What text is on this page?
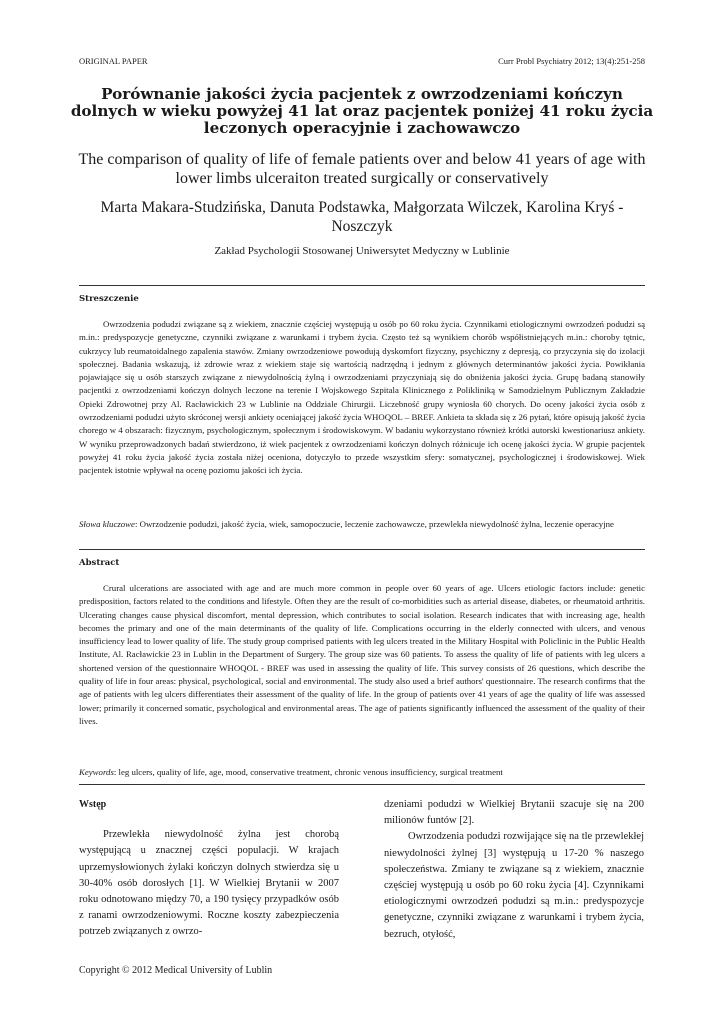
ORIGINAL PAPER	Curr Probl Psychiatry 2012; 13(4):251-258
Porównanie jakości życia pacjentek z owrzodzeniami kończyn dolnych w wieku powyżej 41 lat oraz pacjentek poniżej 41 roku życia leczonych operacyjnie i zachowawczo
The comparison of quality of life of female patients over and below 41 years of age with lower limbs ulceraiton treated surgically or conservatively
Marta Makara-Studzińska, Danuta Podstawka, Małgorzata Wilczek, Karolina Kryś - Noszczyk
Zakład Psychologii Stosowanej Uniwersytet Medyczny w Lublinie
Streszczenie

Owrzodzenia podudzi związane są z wiekiem, znacznie częściej występują u osób po 60 roku życia. Czynnikami etiologicznymi owrzodzeń podudzi są m.in.: predyspozycje genetyczne, czynniki związane z warunkami i trybem życia. Często też są wynikiem chorób współistniejących m.in.: choroby tętnic, cukrzycy lub reumatoidalnego zapalenia stawów. Zmiany owrzodzeniowe powodują dyskomfort fizyczny, psychiczny z depresją, co przyczynia się do izolacji społecznej. Badania wskazują, iż zdrowie wraz z wiekiem staje się wartością nadrzędną i jednym z głównych determinantów jakości życia. Powikłania pojawiające się u osób starszych związane z niewydolnością żylną i owrzodzeniami przyczyniają się do obniżenia jakości życia. Grupę badaną stanowiły pacjentki z owrzodzeniami kończyn dolnych leczone na terenie I Wojskowego Szpitala Klinicznego z Polikliniką w Samodzielnym Publicznym Zakładzie Opieki Zdrowotnej przy Al. Racławickich 23 w Lublinie na Oddziale Chirurgii. Liczebność grupy wyniosła 60 chorych. Do oceny jakości życia osób z owrzodzeniami podudzi użyto skróconej wersji ankiety oceniającej jakość życia WHOQOL – BREF. Ankieta ta składa się z 26 pytań, które opisują jakość życia chorego w 4 obszarach: fizycznym, psychologicznym, społecznym i środowiskowym. W badaniu wykorzystano również krótki autorski kwestionariusz ankiety. W wyniku przeprowadzonych badań stwierdzono, iż wiek pacjentek z owrzodzeniami kończyn dolnych różnicuje ich ocenę jakości życia. W grupie pacjentek powyżej 41 roku życia jakość życia została niżej oceniona, dotyczyło to przede wszystkim sfery: somatycznej, psychologicznej i środowiskowej. Wiek pacjentek istotnie wpływał na ocenę poziomu jakości ich życia.

Słowa kluczowe: Owrzodzenie podudzi, jakość życia, wiek, samopoczucie, leczenie zachowawcze, przewlekła niewydolność żylna, leczenie operacyjne

Abstract

Crural ulcerations are associated with age and are much more common in people over 60 years of age. Ulcers etiologic factors include: genetic predisposition, factors related to the conditions and lifestyle. Often they are the result of co-morbidities such as arterial disease, diabetes, or rheumatoid arthritis. Ulcerating changes cause physical discomfort, mental depression, which contributes to social isolation. Research indicates that with increasing age, health becomes the primary and one of the main determinants of the quality of life. Complications occurring in the elderly connected with ulcers, and venous insufficiency lead to lower quality of life. The study group comprised patients with leg ulcers treated in the Military Hospital with Policlinic in the Public Health Institute, Al. Racławickie 23 in Lublin in the Department of Surgery. The group size was 60 patients. To assess the quality of life of patients with leg ulcers a shortened version of the questionnaire WHOQOL - BREF was used in assessing the quality of life. This survey consists of 26 questions, which describe the quality of life in four areas: physical, psychological, social and environmental. The study also used a brief authors' questionnaire. The research confirms that the age of patients with leg ulcers differentiates their assessment of the quality of life. In the group of patients over 41 years of age the quality of life was assessed lower; primarily it concerned somatic, psychological and environmental areas. The age of patients significantly influenced the assessment of the quality of their lives.

Keywords: leg ulcers, quality of life, age, mood, conservative treatment, chronic venous insufficiency, surgical treatment

Wstęp

Przewlekła niewydolność żylna jest chorobą występującą u znacznej części populacji. W krajach uprzemysłowionych żylaki kończyn dolnych stwierdza się u 30-40% osób dorosłych [1]. W Wielkiej Brytanii w 2007 roku odnotowano między 70, a 190 tysięcy przypadków osób z ranami owrzodzeniowymi. Roczne koszty zabezpieczenia potrzeb związanych z owrzo-

dzeniami podudzi w Wielkiej Brytanii szacuje się na 200 milionów funtów [2].

Owrzodzenia podudzi rozwijające się na tle przewlekłej niewydolności żylnej [3] występują u 17-20 % naszego społeczeństwa. Zmiany te związane są z wiekiem, znacznie częściej występują u osób po 60 roku życia [4]. Czynnikami etiologicznymi owrzodzeń podudzi są m.in.: predyspozycje genetyczne, czynniki związane z warunkami i trybem życia, bezruch, otyłość,

Copyright © 2012 Medical University of Lublin
